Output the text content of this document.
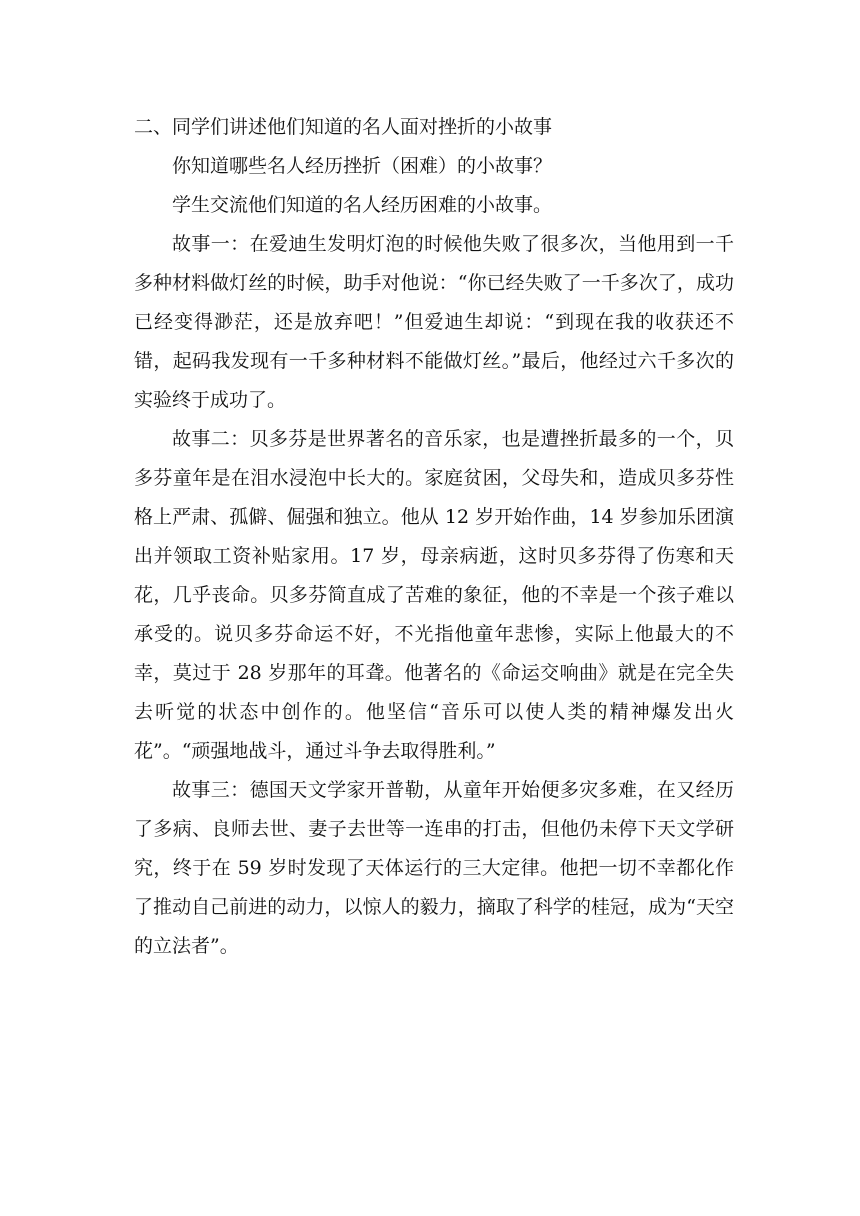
二、同学们讲述他们知道的名人面对挫折的小故事

你知道哪些名人经历挫折（困难）的小故事？

学生交流他们知道的名人经历困难的小故事。

故事一：在爱迪生发明灯泡的时候他失败了很多次，当他用到一千多种材料做灯丝的时候，助手对他说：“你已经失败了一千多次了，成功已经变得渺茫，还是放弃吧！”但爱迪生却说：“到现在我的收获还不错，起码我发现有一千多种材料不能做灯丝。”最后，他经过六千多次的实验终于成功了。

故事二：贝多芬是世界著名的音乐家，也是遭挫折最多的一个，贝多芬童年是在泪水浸泡中长大的。家庭贫困，父母失和，造成贝多芬性格上严肃、孤僻、倔强和独立。他从 12 岁开始作曲，14 岁参加乐团演出并领取工资补贴家用。17 岁，母亲病逝，这时贝多芬得了伤寒和天花，几乎丧命。贝多芬简直成了苦难的象征，他的不幸是一个孩子难以承受的。说贝多芬命运不好，不光指他童年悲惨，实际上他最大的不幸，莫过于 28 岁那年的耳聋。他著名的《命运交响曲》就是在完全失去听觉的状态中创作的。他坚信“音乐可以使人类的精神爆发出火花”。“顽强地战斗，通过斗争去取得胜利。”

故事三：德国天文学家开普勒，从童年开始便多灾多难，在又经历了多病、良师去世、妻子去世等一连串的打击，但他仍未停下天文学研究，终于在 59 岁时发现了天体运行的三大定律。他把一切不幸都化作了推动自己前进的动力，以惊人的毅力，摘取了科学的桂冠，成为“天空的立法者”。
